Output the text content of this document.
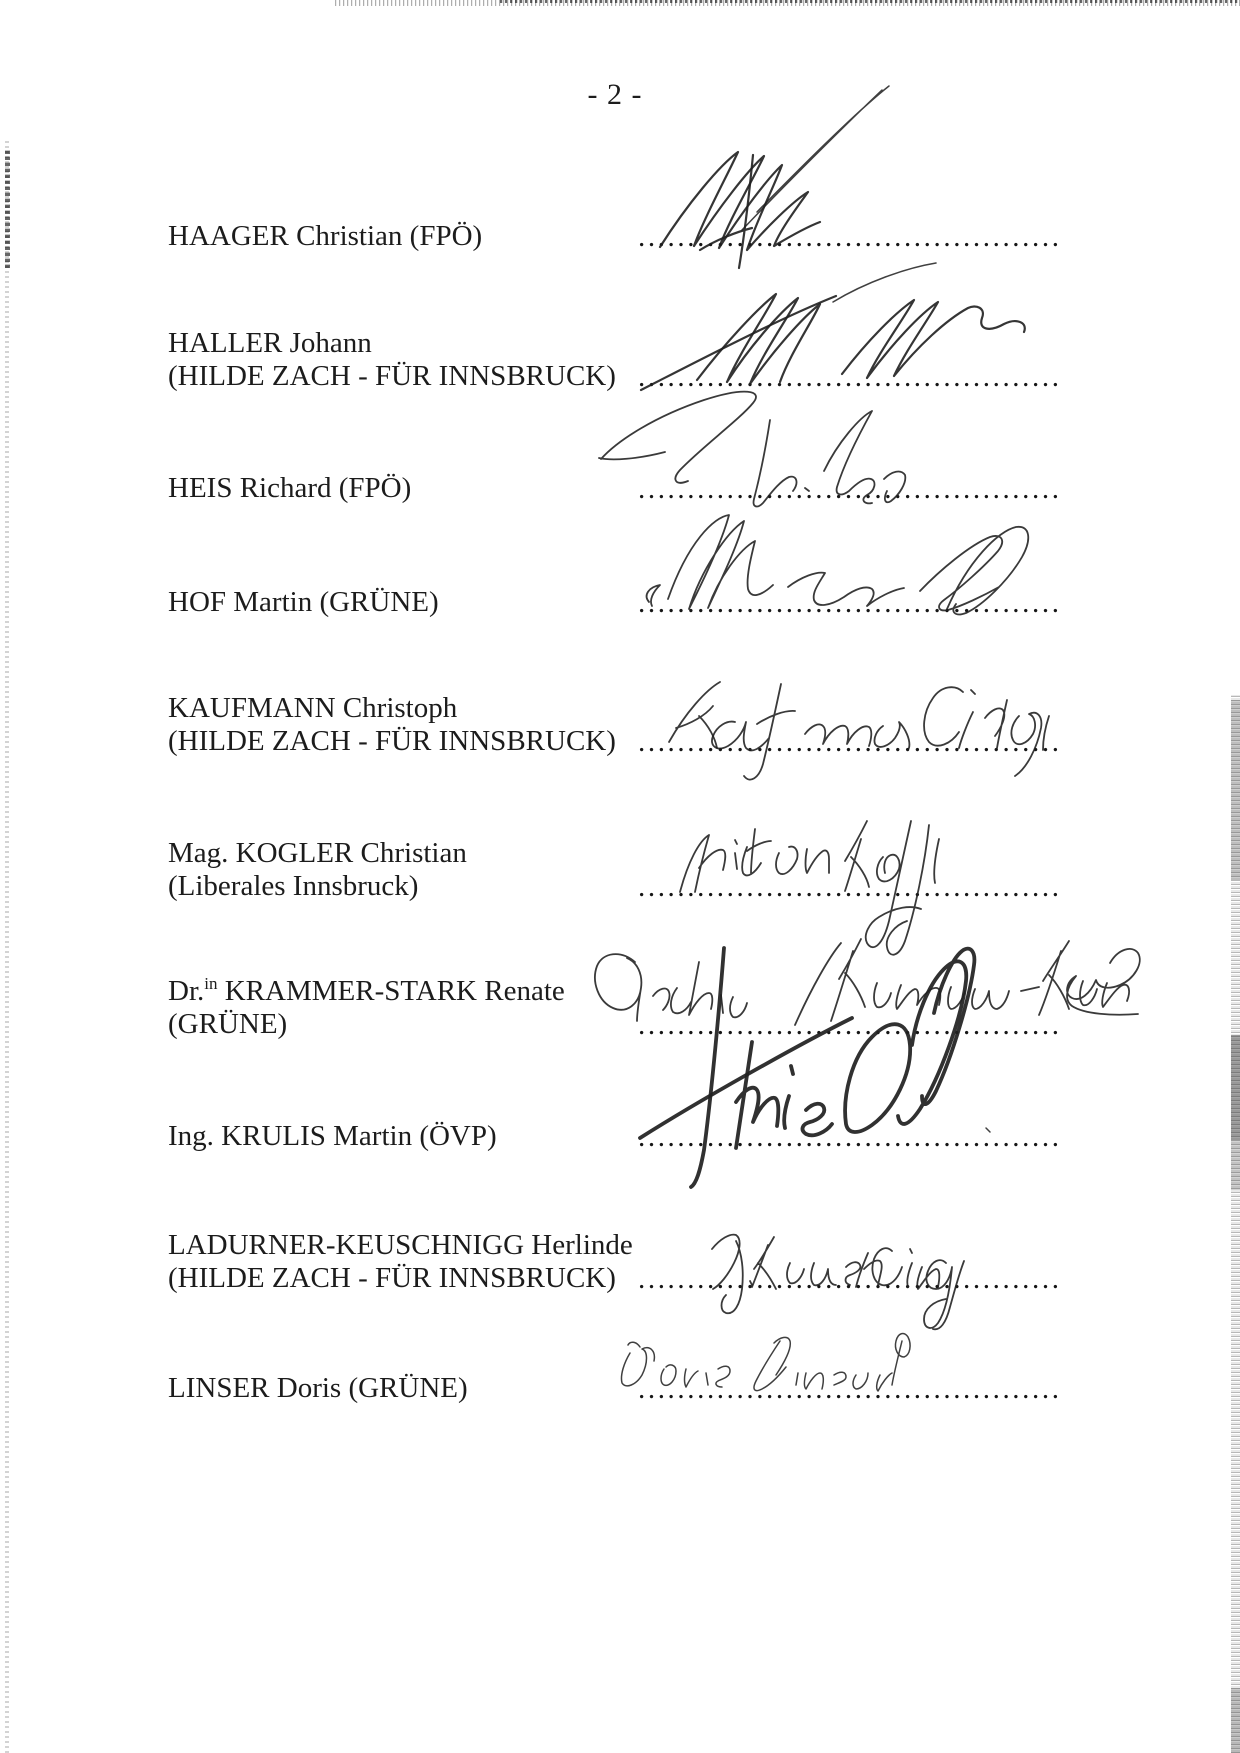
- 2 -
HAAGER Christian (FPÖ)	...........................................
HALLER Johann
(HILDE ZACH - FÜR INNSBRUCK) ...........................................
HEIS Richard (FPÖ)	...........................................
HOF Martin (GRÜNE)	...........................................
KAUFMANN Christoph
(HILDE ZACH - FÜR INNSBRUCK) ...........................................
Mag. KOGLER Christian
(Liberales Innsbruck)	...........................................
Dr.$^{in}$ KRAMMER-STARK Renate
(GRÜNE)	...........................................
Ing. KRULIS Martin (ÖVP)	...........................................
LADURNER-KEUSCHNIGG Herlinde
(HILDE ZACH - FÜR INNSBRUCK) ...........................................
LINSER Doris (GRÜNE)	...........................................
